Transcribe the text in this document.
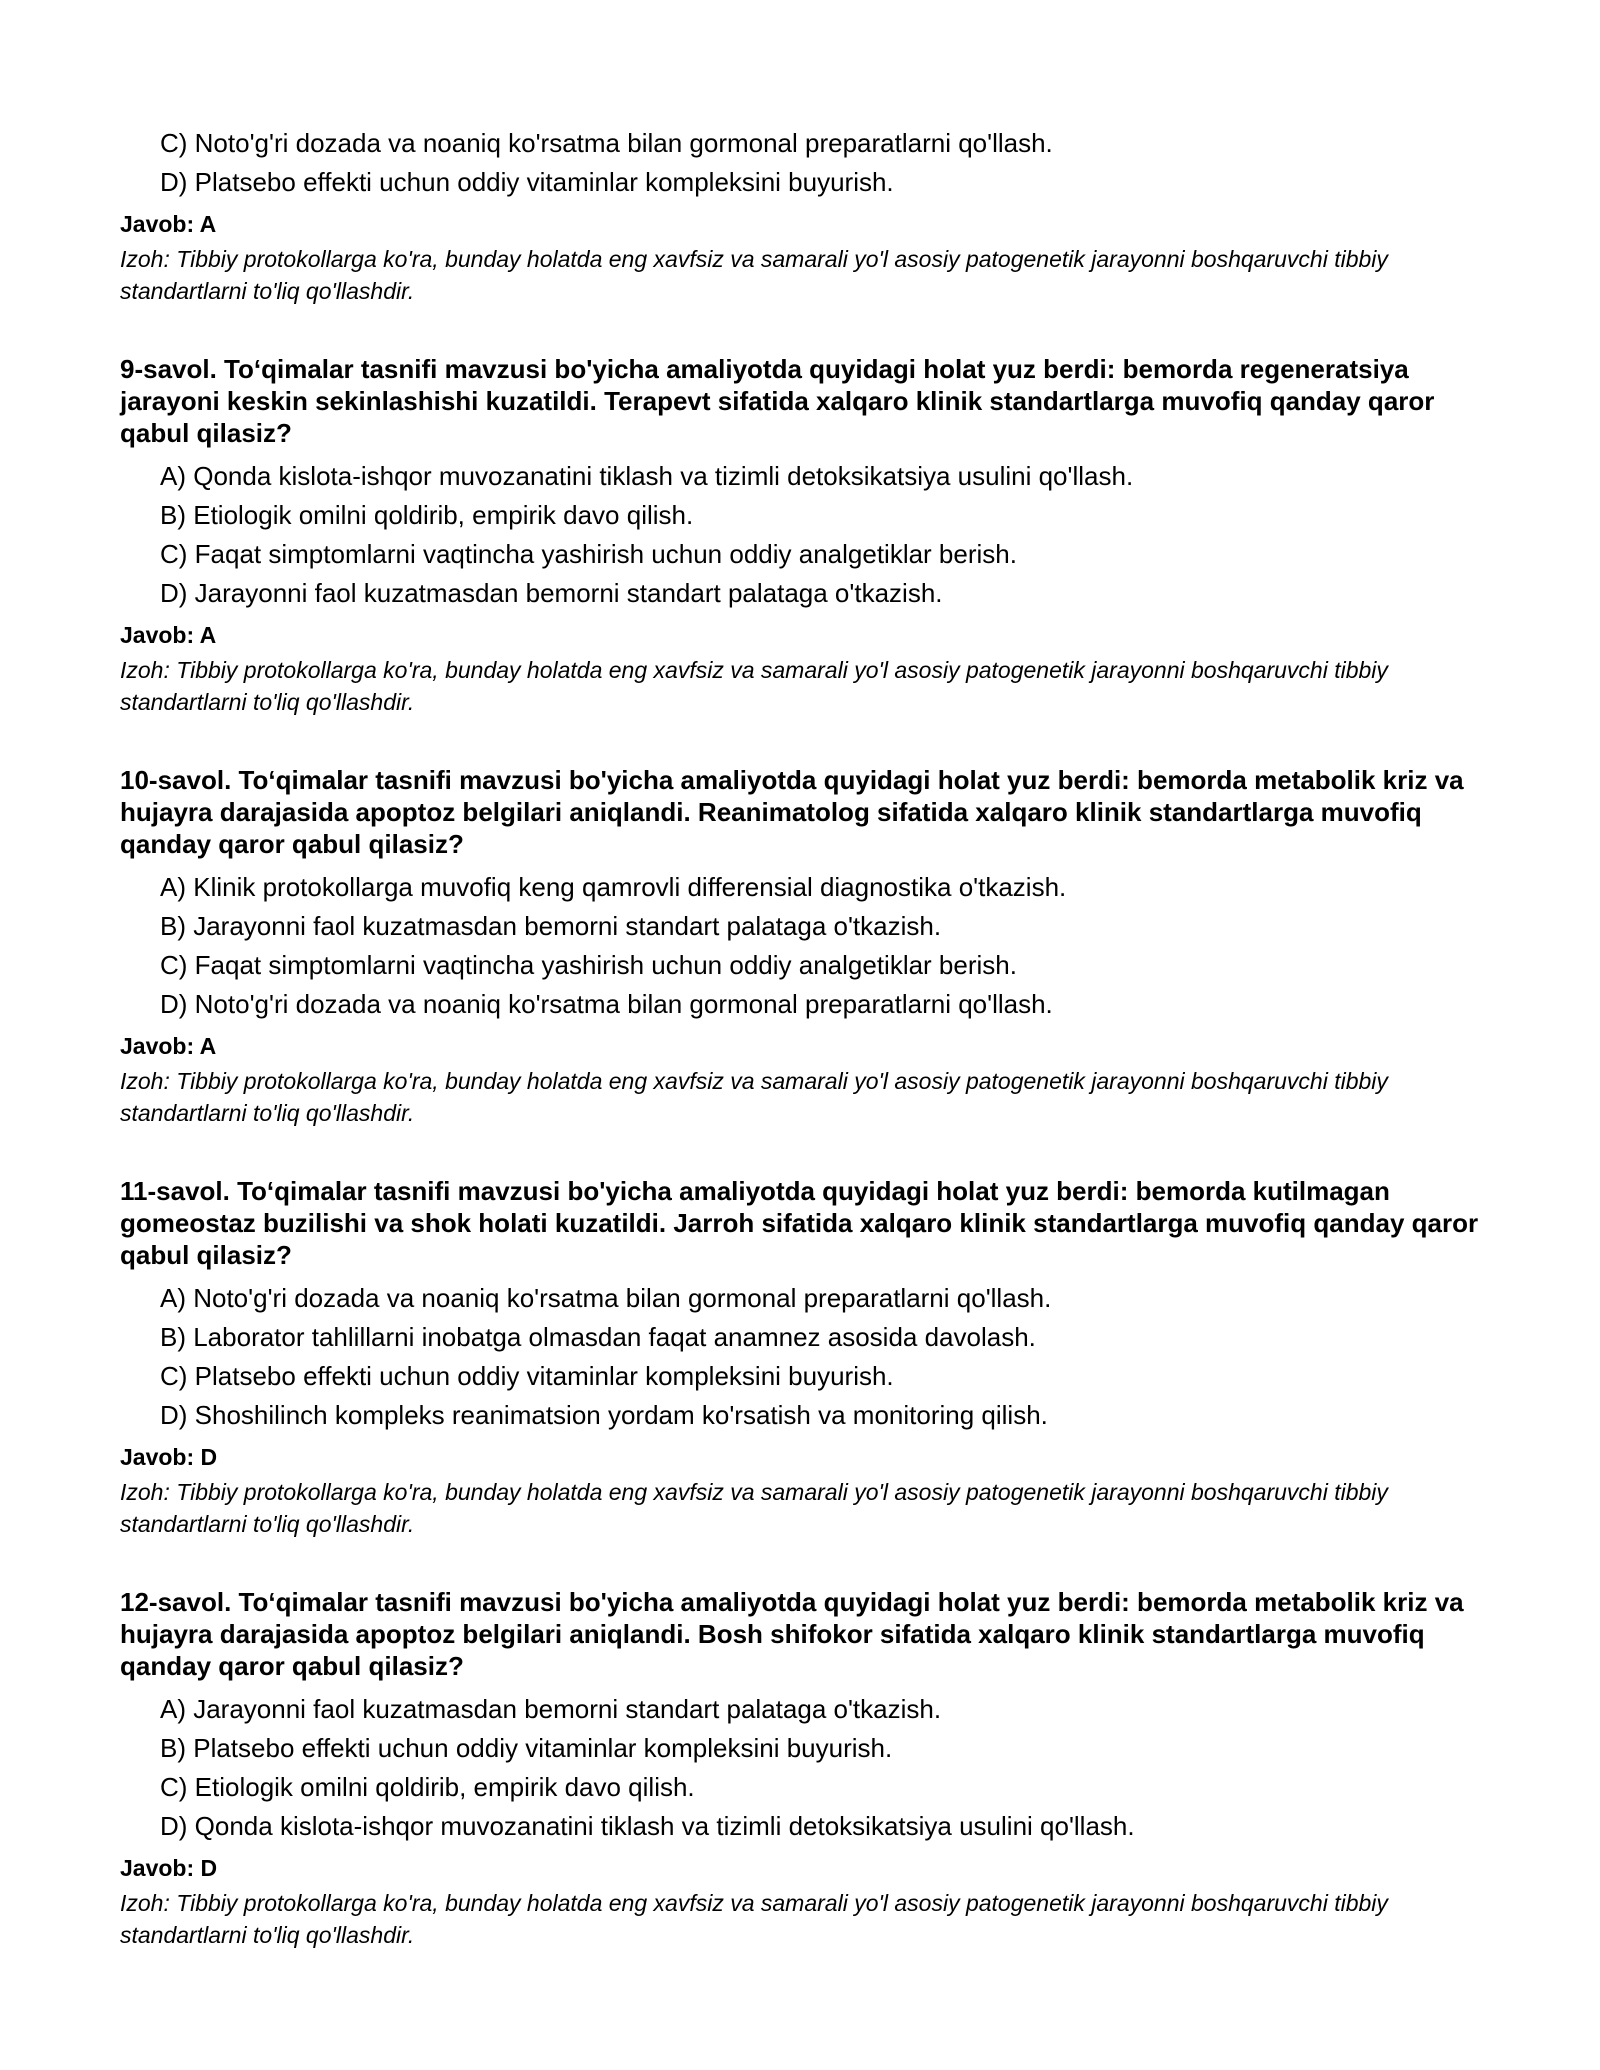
C) Noto'g'ri dozada va noaniq ko'rsatma bilan gormonal preparatlarni qo'llash.
D) Platsebo effekti uchun oddiy vitaminlar kompleksini buyurish.
Javob: A
Izoh: Tibbiy protokollarga ko'ra, bunday holatda eng xavfsiz va samarali yo'l asosiy patogenetik jarayonni boshqaruvchi tibbiy standartlarni to'liq qo'llashdir.
9-savol. To‘qimalar tasnifi mavzusi bo'yicha amaliyotda quyidagi holat yuz berdi: bemorda regeneratsiya jarayoni keskin sekinlashishi kuzatildi. Terapevt sifatida xalqaro klinik standartlarga muvofiq qanday qaror qabul qilasiz?
A) Qonda kislota-ishqor muvozanatini tiklash va tizimli detoksikatsiya usulini qo'llash.
B) Etiologik omilni qoldirib, empirik davo qilish.
C) Faqat simptomlarni vaqtincha yashirish uchun oddiy analgetiklar berish.
D) Jarayonni faol kuzatmasdan bemorni standart palataga o'tkazish.
Javob: A
Izoh: Tibbiy protokollarga ko'ra, bunday holatda eng xavfsiz va samarali yo'l asosiy patogenetik jarayonni boshqaruvchi tibbiy standartlarni to'liq qo'llashdir.
10-savol. To‘qimalar tasnifi mavzusi bo'yicha amaliyotda quyidagi holat yuz berdi: bemorda metabolik kriz va hujayra darajasida apoptoz belgilari aniqlandi. Reanimatolog sifatida xalqaro klinik standartlarga muvofiq qanday qaror qabul qilasiz?
A) Klinik protokollarga muvofiq keng qamrovli differensial diagnostika o'tkazish.
B) Jarayonni faol kuzatmasdan bemorni standart palataga o'tkazish.
C) Faqat simptomlarni vaqtincha yashirish uchun oddiy analgetiklar berish.
D) Noto'g'ri dozada va noaniq ko'rsatma bilan gormonal preparatlarni qo'llash.
Javob: A
Izoh: Tibbiy protokollarga ko'ra, bunday holatda eng xavfsiz va samarali yo'l asosiy patogenetik jarayonni boshqaruvchi tibbiy standartlarni to'liq qo'llashdir.
11-savol. To‘qimalar tasnifi mavzusi bo'yicha amaliyotda quyidagi holat yuz berdi: bemorda kutilmagan gomeostaz buzilishi va shok holati kuzatildi. Jarroh sifatida xalqaro klinik standartlarga muvofiq qanday qaror qabul qilasiz?
A) Noto'g'ri dozada va noaniq ko'rsatma bilan gormonal preparatlarni qo'llash.
B) Laborator tahlillarni inobatga olmasdan faqat anamnez asosida davolash.
C) Platsebo effekti uchun oddiy vitaminlar kompleksini buyurish.
D) Shoshilinch kompleks reanimatsion yordam ko'rsatish va monitoring qilish.
Javob: D
Izoh: Tibbiy protokollarga ko'ra, bunday holatda eng xavfsiz va samarali yo'l asosiy patogenetik jarayonni boshqaruvchi tibbiy standartlarni to'liq qo'llashdir.
12-savol. To‘qimalar tasnifi mavzusi bo'yicha amaliyotda quyidagi holat yuz berdi: bemorda metabolik kriz va hujayra darajasida apoptoz belgilari aniqlandi. Bosh shifokor sifatida xalqaro klinik standartlarga muvofiq qanday qaror qabul qilasiz?
A) Jarayonni faol kuzatmasdan bemorni standart palataga o'tkazish.
B) Platsebo effekti uchun oddiy vitaminlar kompleksini buyurish.
C) Etiologik omilni qoldirib, empirik davo qilish.
D) Qonda kislota-ishqor muvozanatini tiklash va tizimli detoksikatsiya usulini qo'llash.
Javob: D
Izoh: Tibbiy protokollarga ko'ra, bunday holatda eng xavfsiz va samarali yo'l asosiy patogenetik jarayonni boshqaruvchi tibbiy standartlarni to'liq qo'llashdir.
